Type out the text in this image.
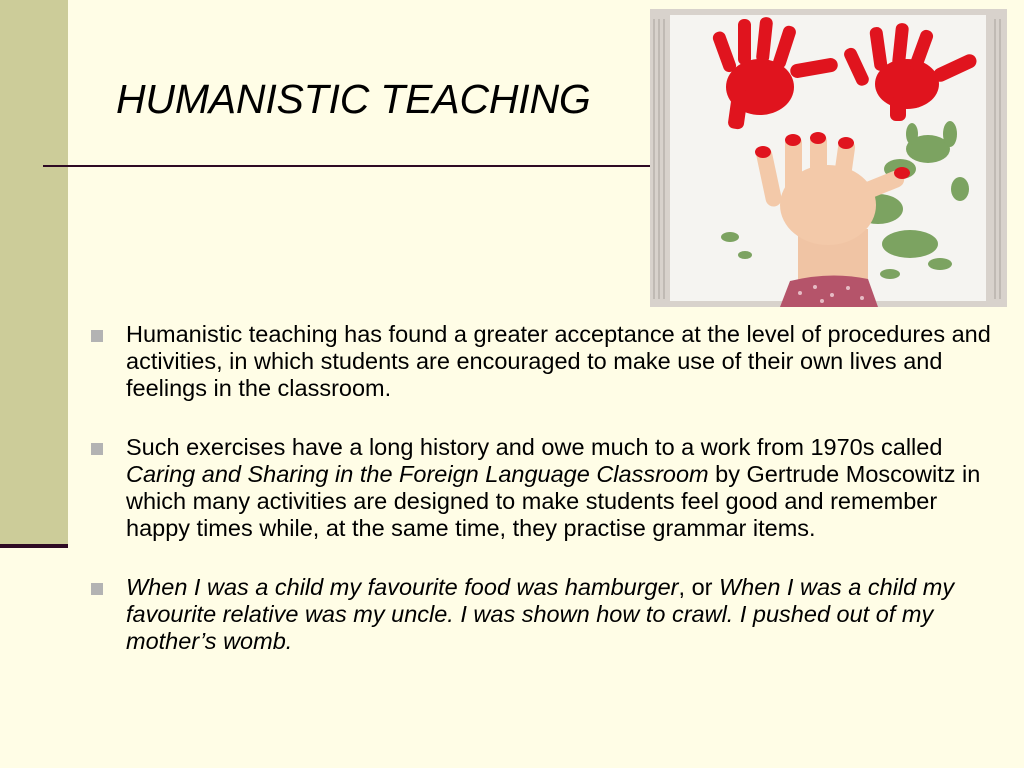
HUMANISTIC TEACHING
Humanistic teaching has found a greater acceptance at the level of procedures and activities, in which students are encouraged to make use of their own lives and feelings in the classroom.
Such exercises have a long history and owe much to a work from 1970s called Caring and Sharing in the Foreign Language Classroom by Gertrude Moscowitz in which many activities are designed to make students feel good and remember happy times while, at the same time, they practise grammar items.
When I was a child my favourite food was hamburger, or When I was a child my favourite relative was my uncle. I was shown how to crawl. I pushed out of my mother’s womb.
